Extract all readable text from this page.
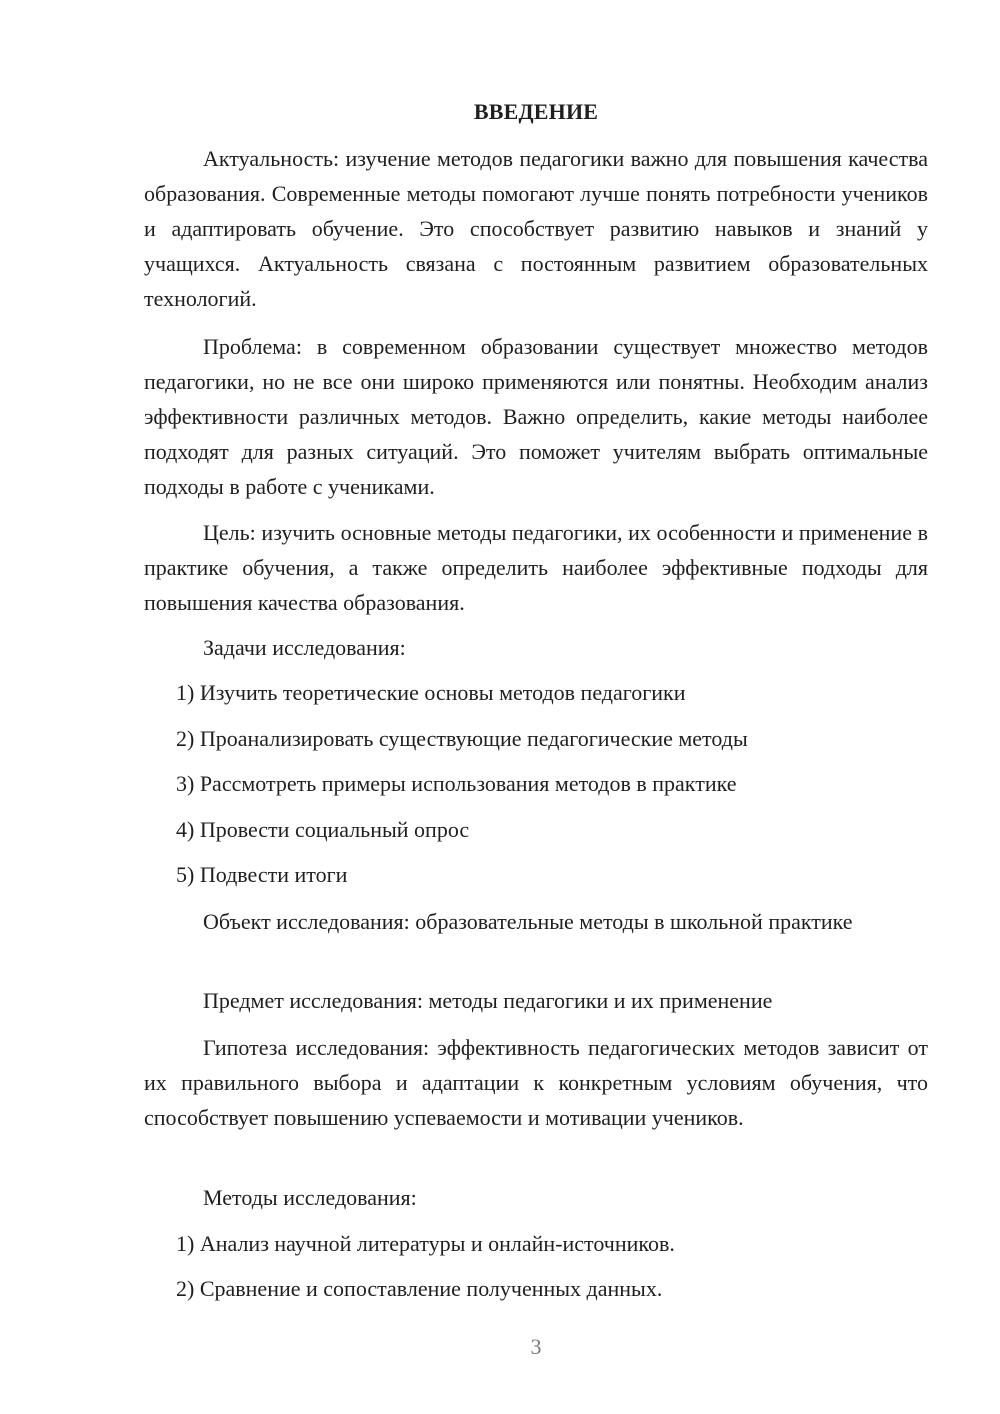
ВВЕДЕНИЕ

Актуальность: изучение методов педагогики важно для повышения качества образования. Современные методы помогают лучше понять потребности учеников и адаптировать обучение. Это способствует развитию навыков и знаний у учащихся. Актуальность связана с постоянным развитием образовательных технологий.

Проблема: в современном образовании существует множество методов педагогики, но не все они широко применяются или понятны. Необходим анализ эффективности различных методов. Важно определить, какие методы наиболее подходят для разных ситуаций. Это поможет учителям выбрать оптимальные подходы в работе с учениками.

Цель: изучить основные методы педагогики, их особенности и применение в практике обучения, а также определить наиболее эффективные подходы для повышения качества образования.

Задачи исследования:
1) Изучить теоретические основы методов педагогики
2) Проанализировать существующие педагогические методы
3) Рассмотреть примеры использования методов в практике
4) Провести социальный опрос
5) Подвести итоги

Объект исследования: образовательные методы в школьной практике

Предмет исследования: методы педагогики и их применение

Гипотеза исследования: эффективность педагогических методов зависит от их правильного выбора и адаптации к конкретным условиям обучения, что способствует повышению успеваемости и мотивации учеников.

Методы исследования:
1) Анализ научной литературы и онлайн-источников.
2) Сравнение и сопоставление полученных данных.
3
